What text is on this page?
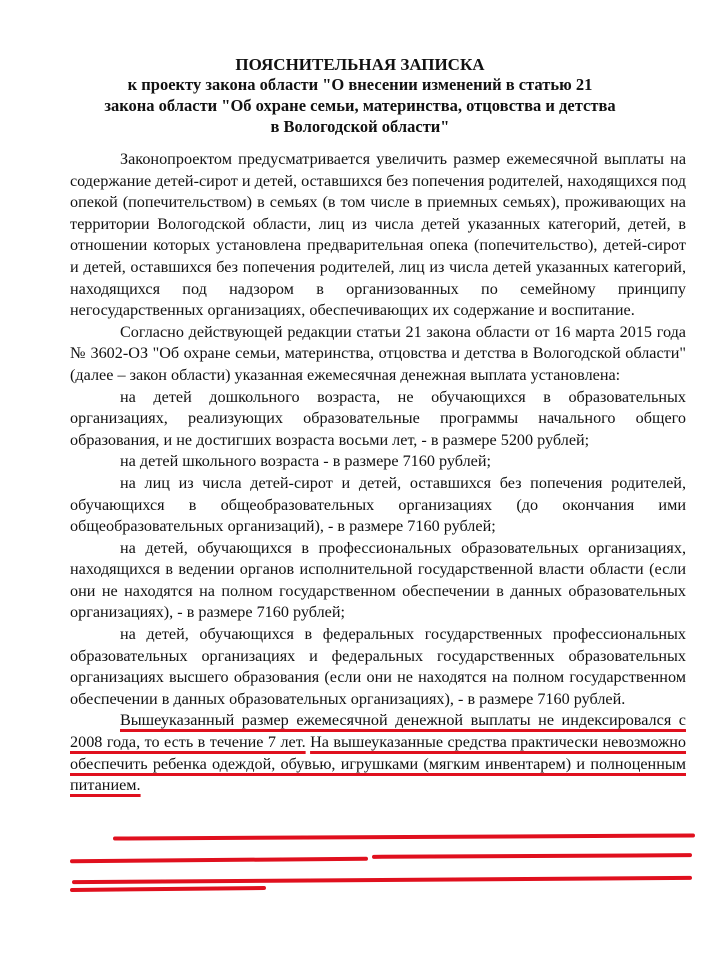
ПОЯСНИТЕЛЬНАЯ ЗАПИСКА
к проекту закона области "О внесении изменений в статью 21
закона области "Об охране семьи, материнства, отцовства и детства
в Вологодской области"

Законопроектом предусматривается увеличить размер ежемесячной выплаты на содержание детей-сирот и детей, оставшихся без попечения родителей, находящихся под опекой (попечительством) в семьях (в том числе в приемных семьях), проживающих на территории Вологодской области, лиц из числа детей указанных категорий, детей, в отношении которых установлена предварительная опека (попечительство), детей-сирот и детей, оставшихся без попечения родителей, лиц из числа детей указанных категорий, находящихся под надзором в организованных по семейному принципу негосударственных организациях, обеспечивающих их содержание и воспитание.

Согласно действующей редакции статьи 21 закона области от 16 марта 2015 года № 3602-ОЗ "Об охране семьи, материнства, отцовства и детства в Вологодской области" (далее – закон области) указанная ежемесячная денежная выплата установлена:

на детей дошкольного возраста, не обучающихся в образовательных организациях, реализующих образовательные программы начального общего образования, и не достигших возраста восьми лет, - в размере 5200 рублей;

на детей школьного возраста - в размере 7160 рублей;

на лиц из числа детей-сирот и детей, оставшихся без попечения родителей, обучающихся в общеобразовательных организациях (до окончания ими общеобразовательных организаций), - в размере 7160 рублей;

на детей, обучающихся в профессиональных образовательных организациях, находящихся в ведении органов исполнительной государственной власти области (если они не находятся на полном государственном обеспечении в данных образовательных организациях), - в размере 7160 рублей;

на детей, обучающихся в федеральных государственных профессиональных образовательных организациях и федеральных государственных образовательных организациях высшего образования (если они не находятся на полном государственном обеспечении в данных образовательных организациях), - в размере 7160 рублей.

Вышеуказанный размер ежемесячной денежной выплаты не индексировался с 2008 года, то есть в течение 7 лет. На вышеуказанные средства практически невозможно обеспечить ребенка одеждой, обувью, игрушками (мягким инвентарем) и полноценным питанием.
